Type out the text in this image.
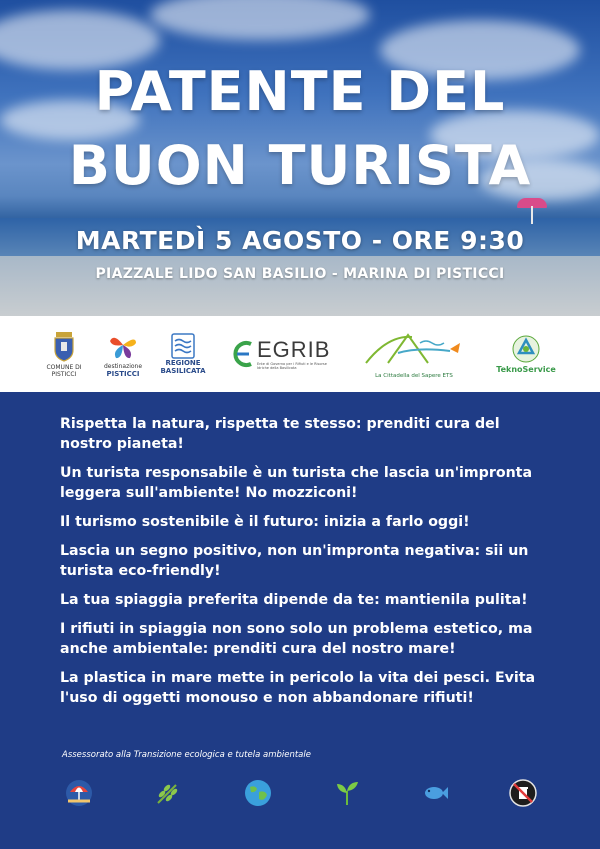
PATENTE DEL
BUON TURISTA
MARTEDÌ 5 AGOSTO - ORE 9:30
PIAZZALE LIDO SAN BASILIO - MARINA DI PISTICCI
COMUNE DI PISTICCI
destinazione
PISTICCI
REGIONE
BASILICATA
EGRIB
Ente di Governo per i Rifiuti e le Risorse Idriche della Basilicata
La Cittadella del Sapere ETS
TeknoService

Rispetta la natura, rispetta te stesso: prenditi cura del nostro pianeta!

Un turista responsabile è un turista che lascia un'impronta leggera sull'ambiente! No mozziconi!

Il turismo sostenibile è il futuro: inizia a farlo oggi!

Lascia un segno positivo, non un'impronta negativa: sii un turista eco-friendly!

La tua spiaggia preferita dipende da te: mantienila pulita!

I rifiuti in spiaggia non sono solo un problema estetico, ma anche ambientale: prenditi cura del nostro mare!

La plastica in mare mette in pericolo la vita dei pesci. Evita l'uso di oggetti monouso e non abbandonare rifiuti!

Assessorato alla Transizione ecologica e tutela ambientale
